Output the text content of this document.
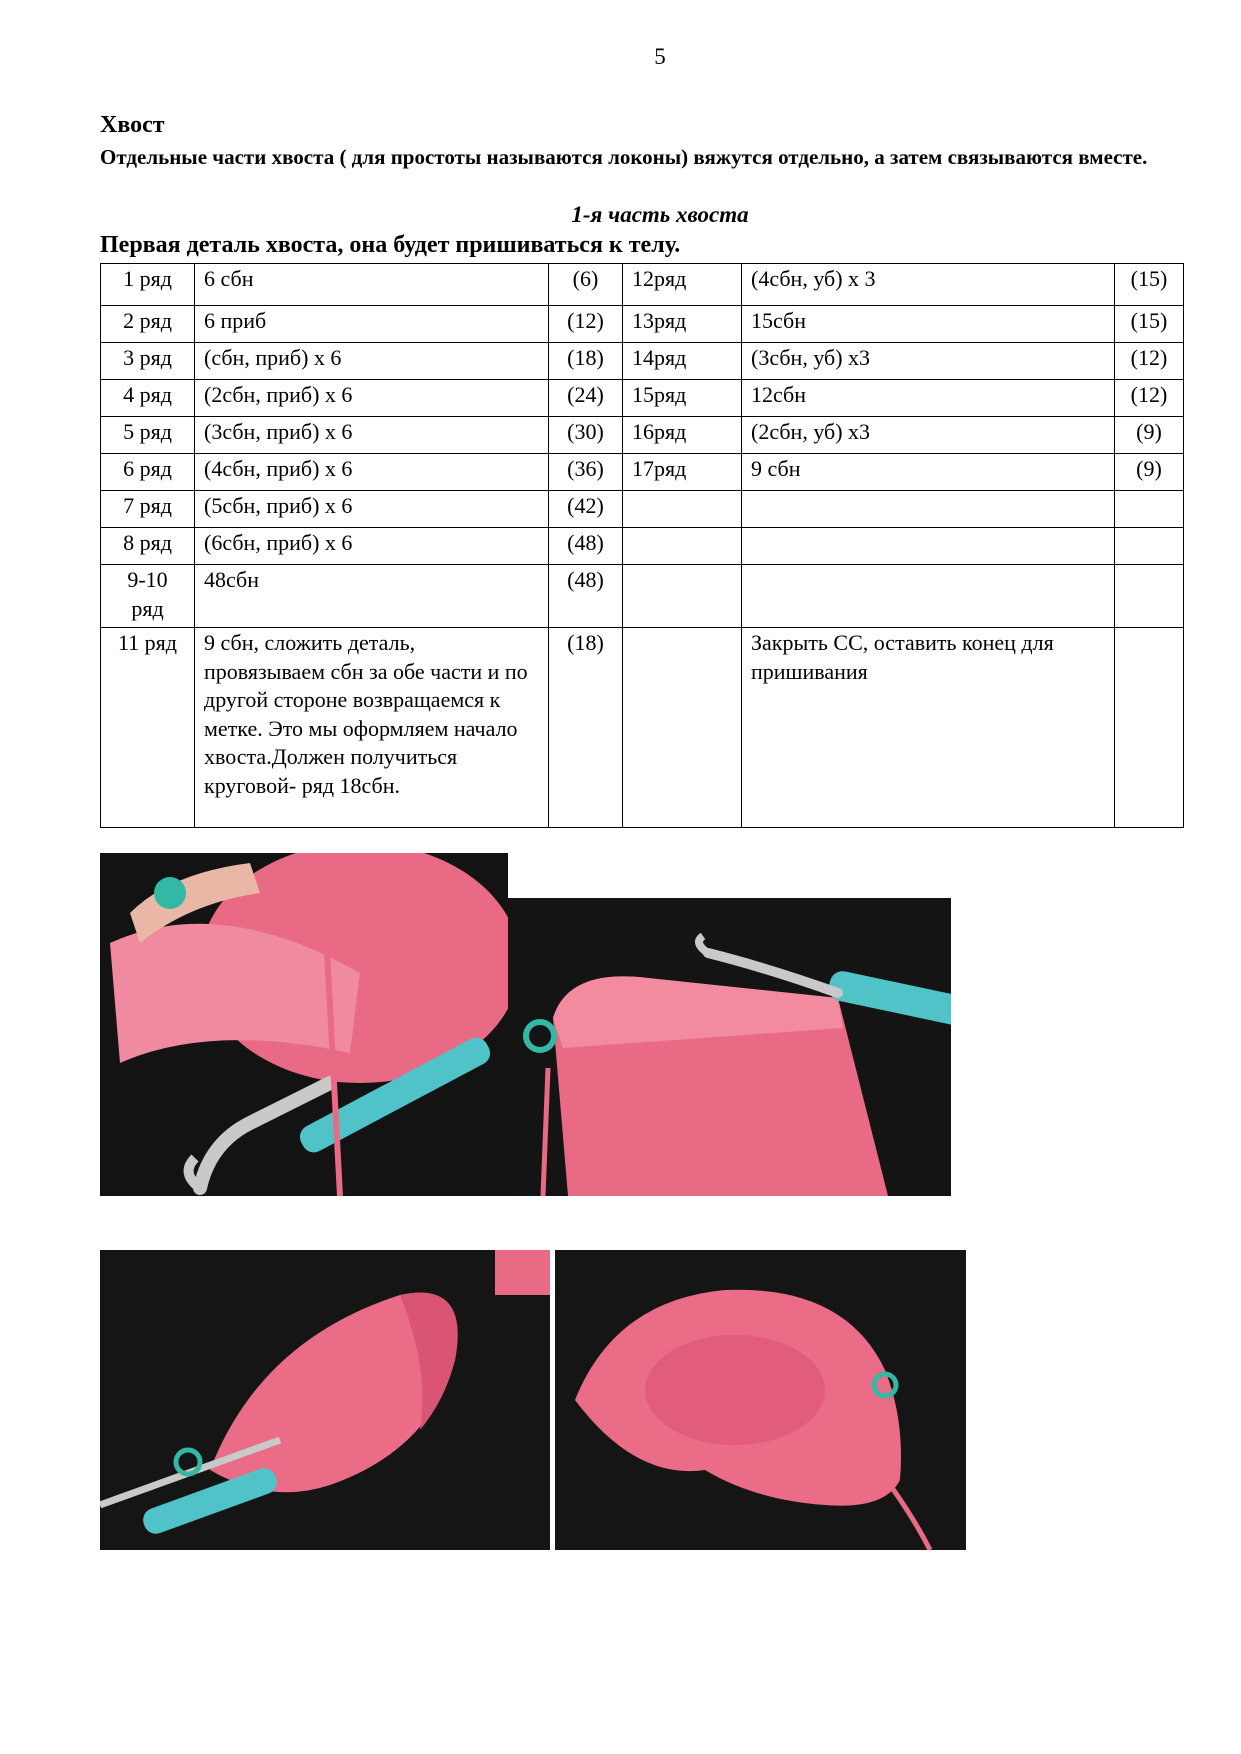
5
Хвост
Отдельные части хвоста ( для простоты называются локоны) вяжутся отдельно, а затем связываются вместе.
1-я часть хвоста
Первая деталь хвоста, она будет пришиваться к телу.
1 ряд	6 сбн	(6)	12ряд	(4сбн, уб) х 3	(15)
2 ряд	6 приб	(12)	13ряд	15сбн	(15)
3 ряд	(сбн, приб) х 6	(18)	14ряд	(3сбн, уб) х3	(12)
4 ряд	(2сбн, приб) х 6	(24)	15ряд	12сбн	(12)
5 ряд	(3сбн, приб) х 6	(30)	16ряд	(2сбн, уб) х3	(9)
6 ряд	(4сбн, приб) х 6	(36)	17ряд	9 сбн	(9)
7 ряд	(5сбн, приб) х 6	(42)			
8 ряд	(6сбн, приб) х 6	(48)			
9-10 ряд	48сбн	(48)			
11 ряд	9 сбн, сложить деталь, провязываем сбн за обе части и по другой стороне возвращаемся к метке. Это мы оформляем начало хвоста.Должен получиться круговой- ряд 18сбн.	(18)		Закрыть СС, оставить конец для пришивания	
